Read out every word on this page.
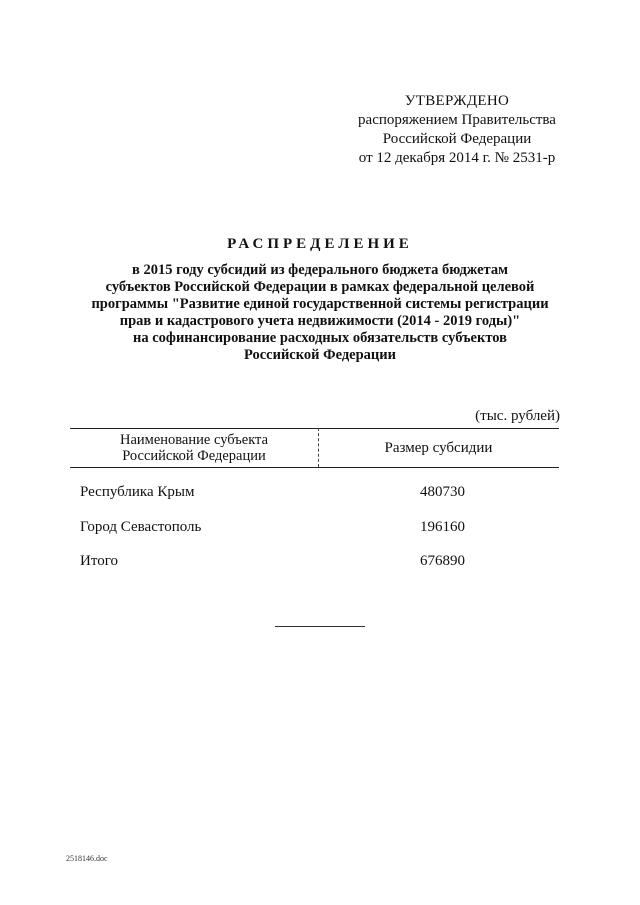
УТВЕРЖДЕНО
распоряжением Правительства
Российской Федерации
от 12 декабря 2014 г. № 2531-р
РАСПРЕДЕЛЕНИЕ
в 2015 году субсидий из федерального бюджета бюджетам
субъектов Российской Федерации в рамках федеральной целевой
программы "Развитие единой государственной системы регистрации
прав и кадастрового учета недвижимости (2014 - 2019 годы)"
на софинансирование расходных обязательств субъектов
Российской Федерации
(тыс. рублей)
Наименование субъекта
Российской Федерации	Размер субсидии
Республика Крым	480730
Город Севастополь	196160
Итого	676890
2518146.doc
